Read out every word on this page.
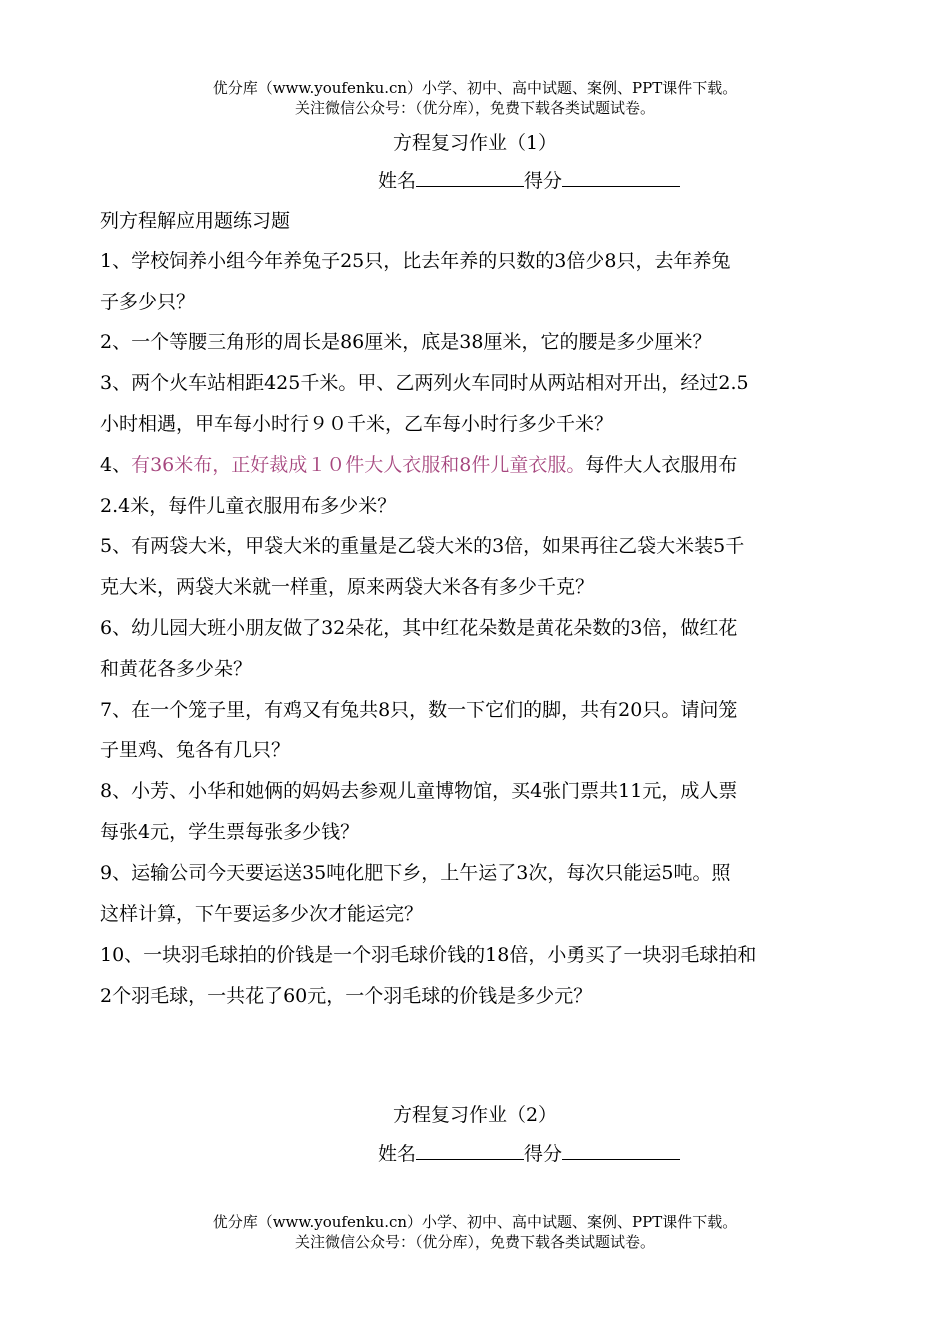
优分库（www.youfenku.cn）小学、初中、高中试题、案例、PPT课件下载。
关注微信公众号：（优分库），免费下载各类试题试卷。
方程复习作业（1）
姓名	得分
列方程解应用题练习题
1、学校饲养小组今年养兔子25只，比去年养的只数的3倍少8只，去年养兔
子多少只？
2、一个等腰三角形的周长是86厘米，底是38厘米，它的腰是多少厘米？
3、两个火车站相距425千米。甲、乙两列火车同时从两站相对开出，经过2.5
小时相遇，甲车每小时行９０千米，乙车每小时行多少千米？
4、有36米布，正好裁成１０件大人衣服和8件儿童衣服。每件大人衣服用布
2.4米，每件儿童衣服用布多少米？
5、有两袋大米，甲袋大米的重量是乙袋大米的3倍，如果再往乙袋大米装5千
克大米，两袋大米就一样重，原来两袋大米各有多少千克？
6、幼儿园大班小朋友做了32朵花，其中红花朵数是黄花朵数的3倍，做红花
和黄花各多少朵？
7、在一个笼子里，有鸡又有兔共8只，数一下它们的脚，共有20只。请问笼
子里鸡、兔各有几只？
8、小芳、小华和她俩的妈妈去参观儿童博物馆，买4张门票共11元，成人票
每张4元，学生票每张多少钱？
9、运输公司今天要运送35吨化肥下乡，上午运了3次，每次只能运5吨。照
这样计算，下午要运多少次才能运完？
10、一块羽毛球拍的价钱是一个羽毛球价钱的18倍，小勇买了一块羽毛球拍和
2个羽毛球，一共花了60元，一个羽毛球的价钱是多少元？
方程复习作业（2）
姓名	得分
优分库（www.youfenku.cn）小学、初中、高中试题、案例、PPT课件下载。
关注微信公众号：（优分库），免费下载各类试题试卷。
